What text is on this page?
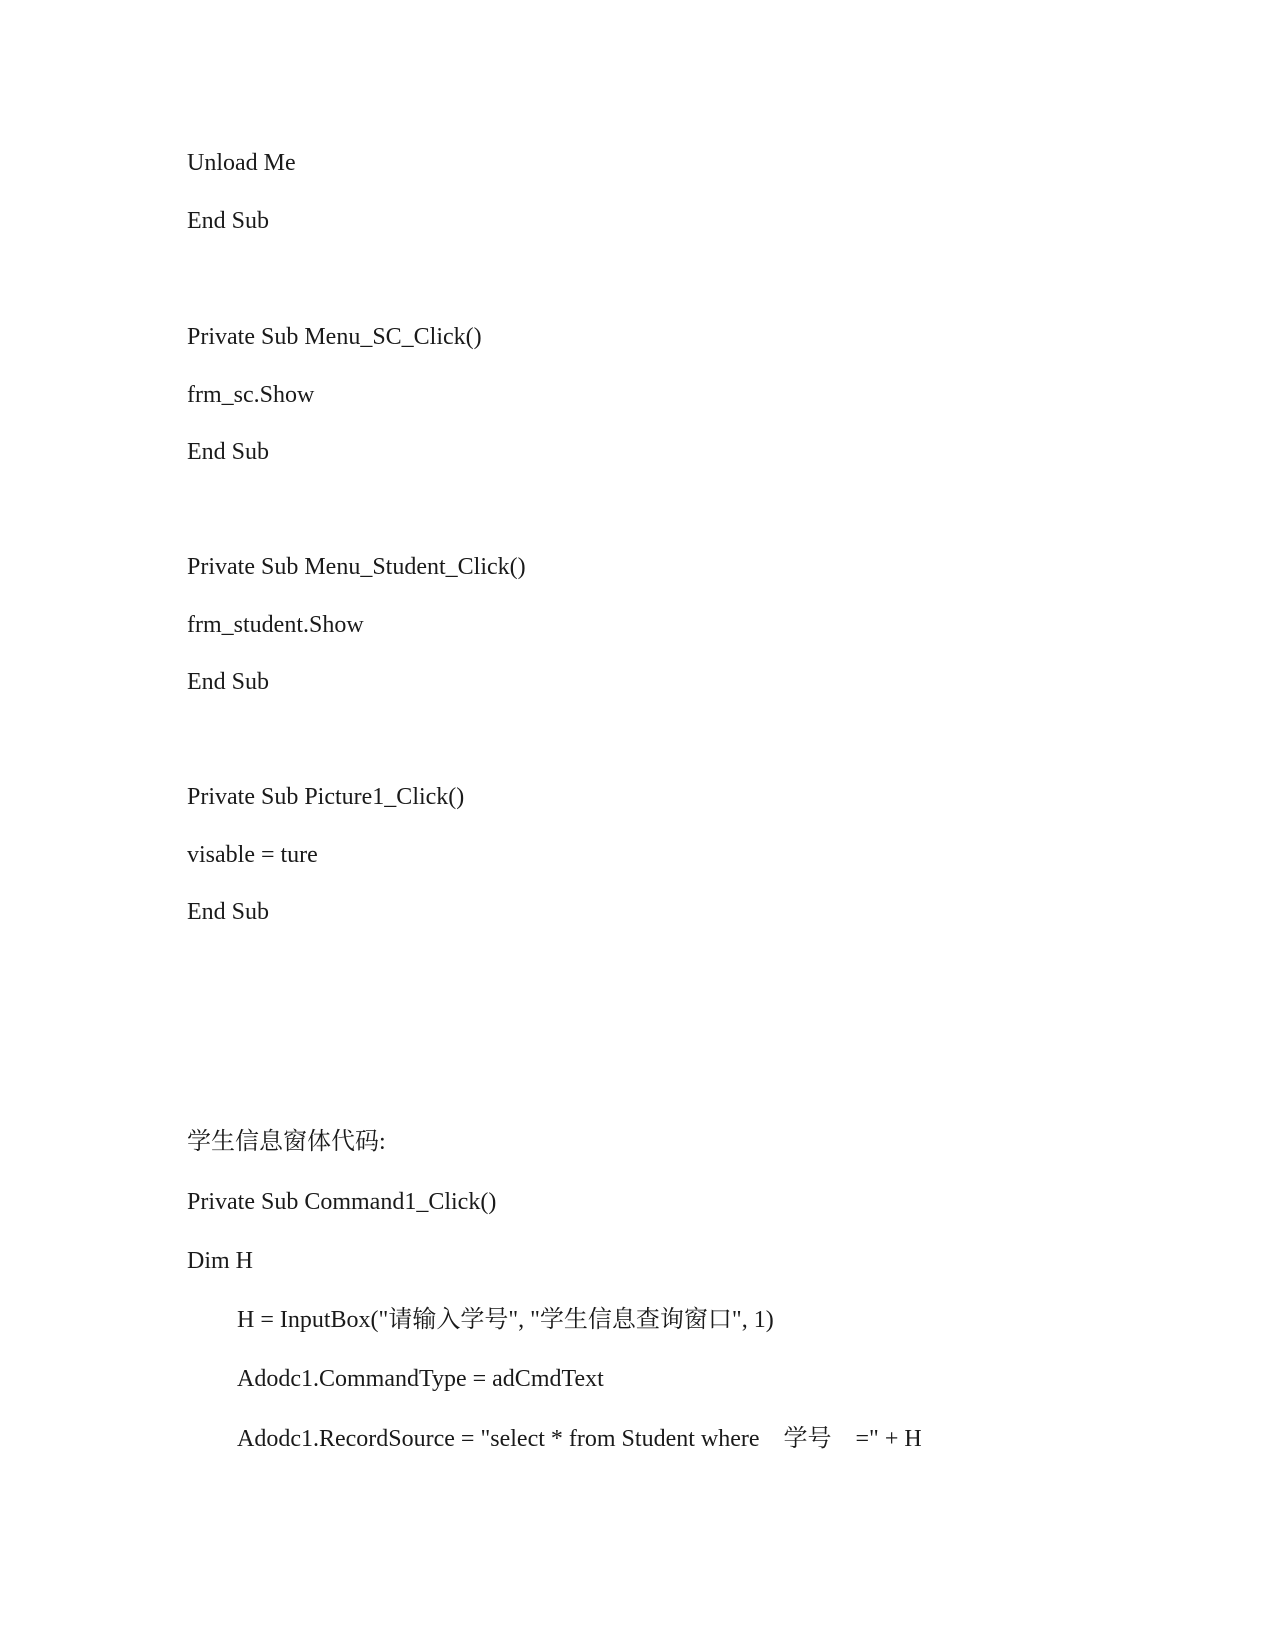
Unload Me
End Sub
Private Sub Menu_SC_Click()
frm_sc.Show
End Sub
Private Sub Menu_Student_Click()
frm_student.Show
End Sub
Private Sub Picture1_Click()
visable = ture
End Sub
学生信息窗体代码:
Private Sub Command1_Click()
Dim H
H = InputBox("请输入学号", "学生信息查询窗口", 1)
Adodc1.CommandType = adCmdText
Adodc1.RecordSource = "select * from Student where　学号　=" + H
